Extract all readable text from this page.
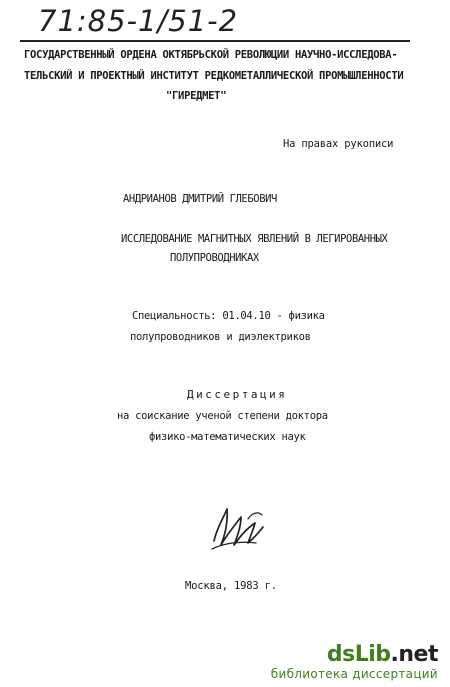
71:85-1/51-2
ГОСУДАРСТВЕННЫЙ ОРДЕНА ОКТЯБРЬСКОЙ РЕВОЛЮЦИИ НАУЧНО-ИССЛЕДОВА-
ТЕЛЬСКИЙ И ПРОЕКТНЫЙ ИНСТИТУТ РЕДКОМЕТАЛЛИЧЕСКОЙ ПРОМЫШЛЕННОСТИ
"ГИРЕДМЕТ"
На правах рукописи
АНДРИАНОВ ДМИТРИЙ ГЛЕБОВИЧ
ИССЛЕДОВАНИЕ МАГНИТНЫХ ЯВЛЕНИЙ В ЛЕГИРОВАННЫХ
ПОЛУПРОВОДНИКАХ
Специальность: 01.04.10 - физика
полупроводников и диэлектриков
Диссертация
на соискание ученой степени доктора
физико-математических наук
Москва, 1983 г.
dsLib.net
библиотека диссертаций
